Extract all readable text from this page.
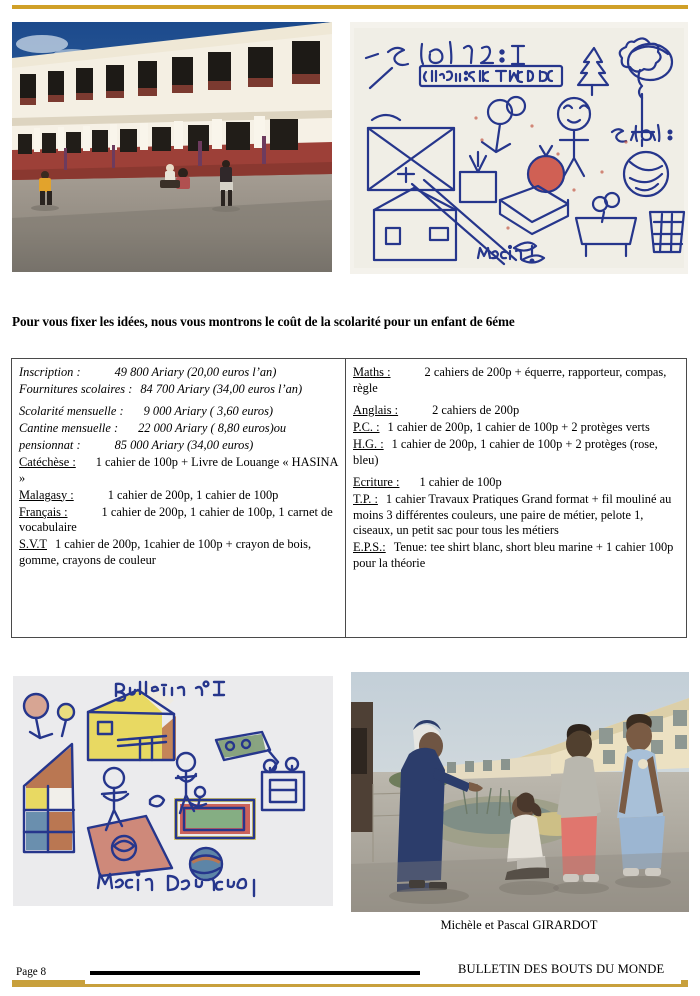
Pour vous fixer les idées, nous vous montrons le coût de la scolarité pour un enfant de 6éme
Inscription :	49 800 Ariary (20,00 euros l’an)
Fournitures scolaires : 84 700 Ariary (34,00 euros l’an)
Scolarité mensuelle : 9 000 Ariary ( 3,60 euros)
Cantine mensuelle : 22 000 Ariary ( 8,80 euros)ou
pensionnat :	85 000 Ariary (34,00 euros)
Catéchèse : 1 cahier de 100p + Livre de Louange « HASINA »
Malagasy :	1 cahier de 200p, 1 cahier de 100p
Français :	1 cahier de 200p, 1 cahier de 100p, 1 carnet de vocabulaire
S.V.T 1 cahier de 200p, 1cahier de 100p + crayon de bois, gomme, crayons de couleur
Maths :	2 cahiers de 200p + équerre, rapporteur, compas, règle
Anglais :	2 cahiers de 200p
P.C. : 1 cahier de 200p, 1 cahier de 100p + 2 protèges verts
H.G. : 1 cahier de 200p, 1 cahier de 100p + 2 protèges (rose, bleu)
Ecriture : 1 cahier de 100p
T.P. : 1 cahier Travaux Pratiques Grand format + fil mouliné au moins 3 différentes couleurs, une paire de métier, pelote 1, ciseaux, un petit sac pour tous les métiers
E.P.S.: Tenue: tee shirt blanc, short bleu marine + 1 cahier 100p pour la théorie
Michèle et Pascal GIRARDOT
Page 8	BULLETIN DES BOUTS DU MONDE
